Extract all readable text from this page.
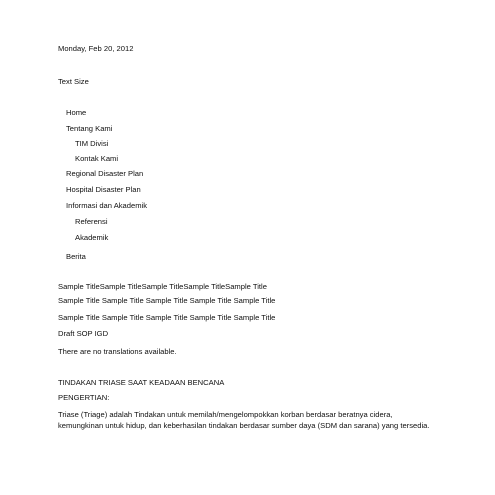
Monday, Feb 20, 2012
Text Size
Home
Tentang Kami
TIM Divisi
Kontak Kami
Regional Disaster Plan
Hospital Disaster Plan
Informasi dan Akademik
Referensi
Akademik
Berita
Sample TitleSample TitleSample TitleSample TitleSample Title
Sample Title Sample Title Sample Title Sample Title Sample Title
Sample Title Sample Title Sample Title Sample Title Sample Title
Draft SOP IGD
There are no translations available.
TINDAKAN TRIASE SAAT KEADAAN BENCANA
PENGERTIAN:
Triase (Triage) adalah Tindakan untuk memilah/mengelompokkan korban berdasar beratnya cidera, kemungkinan untuk hidup, dan keberhasilan tindakan berdasar sumber daya (SDM dan sarana) yang tersedia.
